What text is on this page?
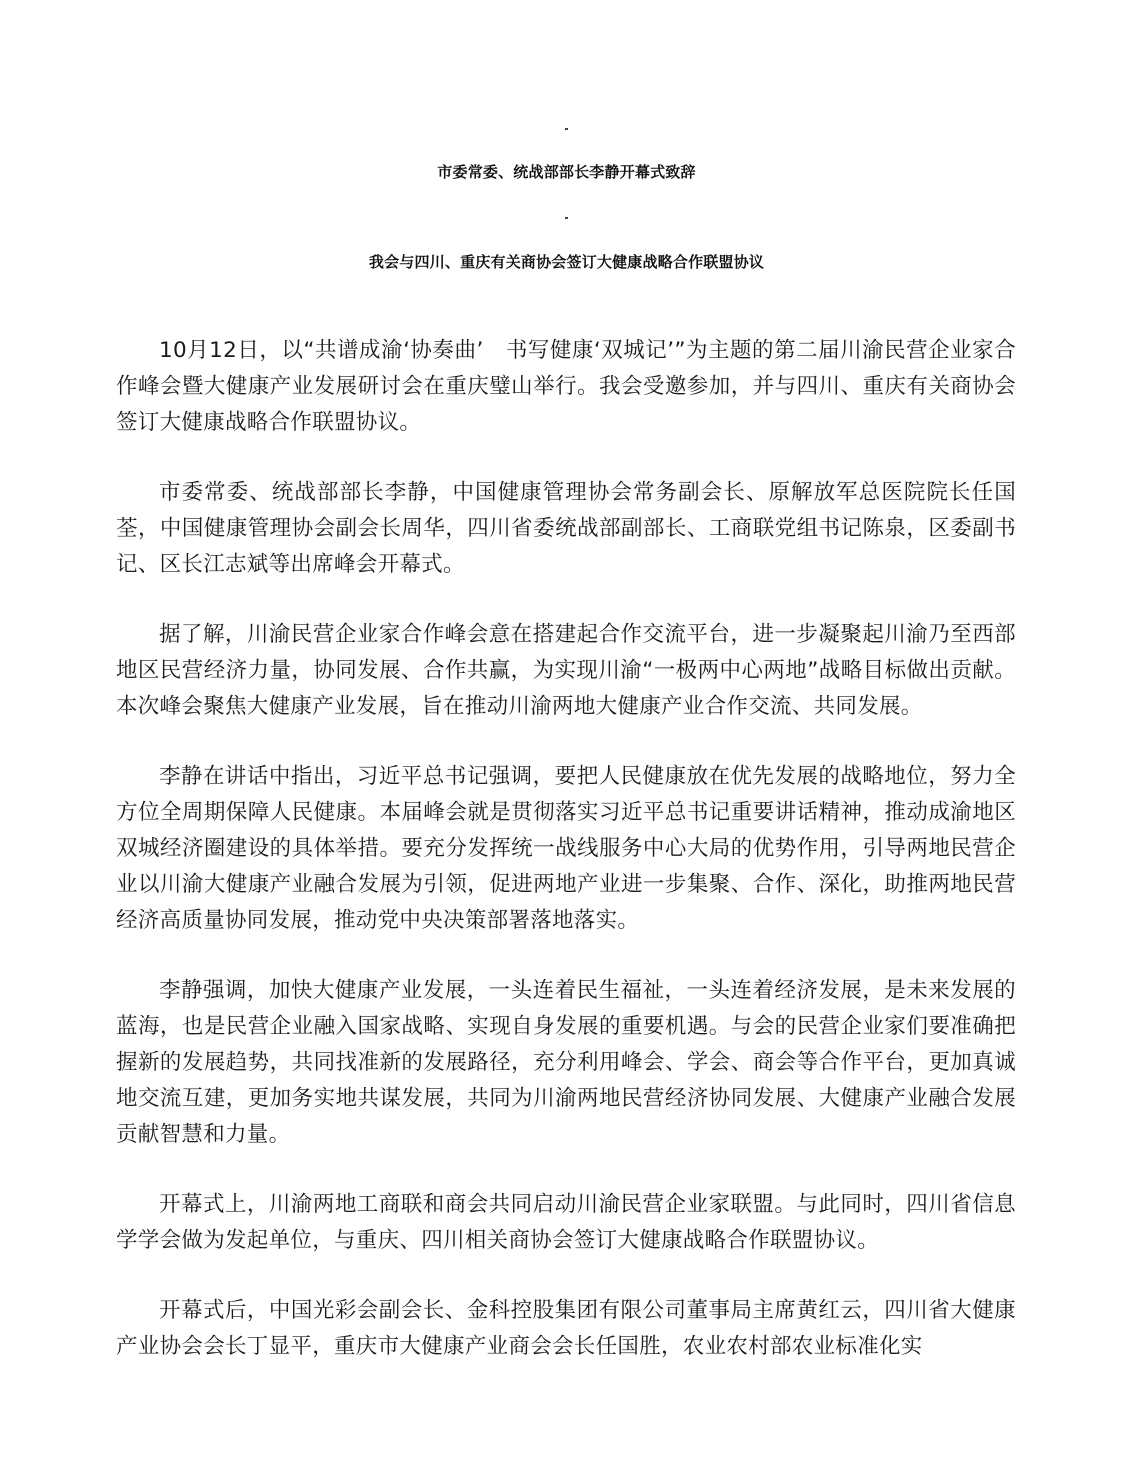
市委常委、统战部部长李静开幕式致辞
我会与四川、重庆有关商协会签订大健康战略合作联盟协议

10月12日，以“共谱成渝‘协奏曲’　书写健康‘双城记’”为主题的第二届川渝民营企业家合作峰会暨大健康产业发展研讨会在重庆璧山举行。我会受邀参加，并与四川、重庆有关商协会签订大健康战略合作联盟协议。

市委常委、统战部部长李静，中国健康管理协会常务副会长、原解放军总医院院长任国荃，中国健康管理协会副会长周华，四川省委统战部副部长、工商联党组书记陈泉，区委副书记、区长江志斌等出席峰会开幕式。

据了解，川渝民营企业家合作峰会意在搭建起合作交流平台，进一步凝聚起川渝乃至西部地区民营经济力量，协同发展、合作共赢，为实现川渝“一极两中心两地”战略目标做出贡献。本次峰会聚焦大健康产业发展，旨在推动川渝两地大健康产业合作交流、共同发展。

李静在讲话中指出，习近平总书记强调，要把人民健康放在优先发展的战略地位，努力全方位全周期保障人民健康。本届峰会就是贯彻落实习近平总书记重要讲话精神，推动成渝地区双城经济圈建设的具体举措。要充分发挥统一战线服务中心大局的优势作用，引导两地民营企业以川渝大健康产业融合发展为引领，促进两地产业进一步集聚、合作、深化，助推两地民营经济高质量协同发展，推动党中央决策部署落地落实。

李静强调，加快大健康产业发展，一头连着民生福祉，一头连着经济发展，是未来发展的蓝海，也是民营企业融入国家战略、实现自身发展的重要机遇。与会的民营企业家们要准确把握新的发展趋势，共同找准新的发展路径，充分利用峰会、学会、商会等合作平台，更加真诚地交流互建，更加务实地共谋发展，共同为川渝两地民营经济协同发展、大健康产业融合发展贡献智慧和力量。

开幕式上，川渝两地工商联和商会共同启动川渝民营企业家联盟。与此同时，四川省信息学学会做为发起单位，与重庆、四川相关商协会签订大健康战略合作联盟协议。

开幕式后，中国光彩会副会长、金科控股集团有限公司董事局主席黄红云，四川省大健康产业协会会长丁显平，重庆市大健康产业商会会长任国胜，农业农村部农业标准化实
